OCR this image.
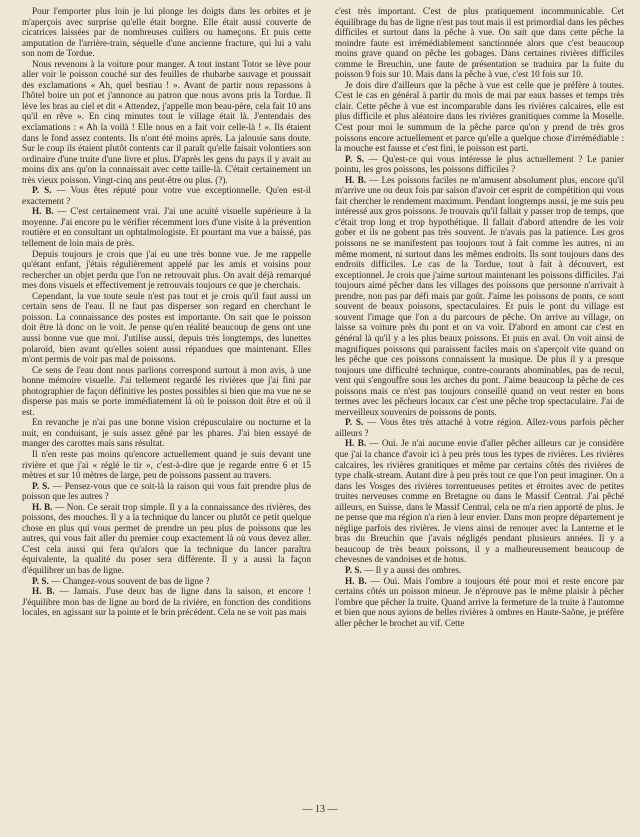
Pour l'emporter plus loin je lui plonge les doigts dans les orbites et je m'aperçois avec surprise qu'elle était borgne. Elle était aussi couverte de cicatrices laissées par de nombreuses cuillers ou hameçons. Et puis cette amputation de l'arrière-train, séquelle d'une ancienne fracture, qui lui a valu son nom de Tordue.

Nous revenons à la voiture pour manger. A tout instant Totor se lève pour aller voir le poisson couché sur des feuilles de rhubarbe sauvage et poussait des exclamations « Ah, quel bestiau ! ». Avant de partir nous repassons à l'hôtel boire un pot et j'annonce au patron que nous avons pris la Tordue. Il lève les bras au ciel et dit « Attendez, j'appelle mon beau-père, cela fait 10 ans qu'il en rêve ». En cinq minutes tout le village était là. J'entendais des exclamations : « Ah la voilà ! Elle nous en a fait voir celle-là ! ». Ils étaient dans le fond assez contents. Ils n'ont été moins après. La jalousie sans doute. Sur le coup ils étaient plutôt contents car il paraît qu'elle faisait volontiers son ordinaire d'une truite d'une livre et plus. D'après les gens du pays il y avait au moins dix ans qu'on la connaissait avec cette taille-là. C'était certainement un très vieux poisson. Vingt-cinq ans peut-être ou plus. (?).

P. S. — Vous êtes réputé pour votre vue exceptionnelle. Qu'en est-il exactement ?

H. B. — C'est certainement vrai. J'ai une acuité visuelle supérieure à la moyenne. J'ai encore pu le vérifier récemment lors d'une visite à la prévention routière et en consultant un ophtalmologiste. Et pourtant ma vue a baissé, pas tellement de loin mais de près.

Depuis toujours je crois que j'ai eu une très bonne vue. Je me rappelle qu'étant enfant, j'étais régulièrement appelé par les amis et voisins pour rechercher un objet perdu que l'on ne retrouvait plus. On avait déjà remarqué mes dons visuels et effectivement je retrouvais toujours ce que je cherchais.

Cependant, la vue toute seule n'est pas tout et je crois qu'il faut aussi un certain sens de l'eau. Il ne faut pas disperser son regard en cherchant le poisson. La connaissance des postes est importante. On sait que le poisson doit être là donc on le voit. Je pense qu'en réalité beaucoup de gens ont une aussi bonne vue que moi. J'utilise aussi, depuis très longtemps, des lunettes polaroïd, bien avant qu'elles soient aussi répandues que maintenant. Elles m'ont permis de voir pas mal de poissons.

Ce sens de l'eau dont nous parlions correspond surtout à mon avis, à une bonne mémoire visuelle. J'ai tellement regardé les rivières que j'ai fini par photographier de façon définitive les postes possibles si bien que ma vue ne se disperse pas mais se porte immédiatement là où le poisson doit être et où il est.

En revanche je n'ai pas une bonne vision crépusculaire ou nocturne et la nuit, en conduisant, je suis assez gêné par les phares. J'ai bien essayé de manger des carottes mais sans résultat.

Il n'en reste pas moins qu'encore actuellement quand je suis devant une rivière et que j'ai « réglé le tir », c'est-à-dire que je regarde entre 6 et 15 mètres et sur 10 mètres de large, peu de poissons passent au travers.

P. S. — Pensez-vous que ce soit-là la raison qui vous fait prendre plus de poisson que les autres ?

H. B. — Non. Ce serait trop simple. Il y a la connaissance des rivières, des poissons, des mouches. Il y a la technique du lancer ou plutôt ce petit quelque chose en plus qui vous permet de prendre un peu plus de poissons que les autres, qui vous fait aller du premier coup exactement là où vous devez aller. C'est cela aussi qui fera qu'alors que la technique du lancer paraîtra équivalente, la qualité du poser sera différente. Il y a aussi la façon d'équilibrer un bas de ligne.

P. S. — Changez-vous souvent de bas de ligne ?

H. B. — Jamais. J'use deux bas de ligne dans la saison, et encore ! J'équilibre mon bas de ligne au bord de la rivière, en fonction des conditions locales, en agissant sur la pointe et le brin précédent. Cela ne se voit pas mais

c'est très important. C'est de plus pratiquement incommunicable. Cet équilibrage du bas de ligne n'est pas tout mais il est primordial dans les pêches difficiles et surtout dans la pêche à vue. On sait que dans cette pêche la moindre faute est irrémédiablement sanctionnée alors que c'est beaucoup moins grave quand on pêche les gobages. Dans certaines rivières difficiles comme le Breuchin, une faute de présentation se traduira par la fuite du poisson 9 fois sur 10. Mais dans la pêche à vue, c'est 10 fois sur 10.

Je dois dire d'ailleurs que la pêche à vue est celle que je préfère à toutes. C'est le cas en général à partir du mois de mai par eaux basses et temps très clair. Cette pêche à vue est incomparable dans les rivières calcaires, elle est plus difficile et plus aléatoire dans les rivières granitiques comme la Moselle. C'est pour moi le summum de la pêche parce qu'on y prend de très gros poissons encore actuellement et parce qu'elle a quelque chose d'irrémédiable : la mouche est fausse et c'est fini, le poisson est parti.

P. S. — Qu'est-ce qui vous intéresse le plus actuellement ? Le panier pointu, les gros poissons, les poissons difficiles ?

H. B. — Les poissons faciles ne m'amusent absolument plus, encore qu'il m'arrive une ou deux fois par saison d'avoir cet esprit de compétition qui vous fait chercher le rendement maximum. Pendant longtemps aussi, je me suis peu intéressé aux gros poissons. Je trouvais qu'il fallait y passer trop de temps, que c'était trop long et trop hypothétique. Il fallait d'abord attendre de les voir gober et ils ne gobent pas très souvent. Je n'avais pas la patience. Les gros poissons ne se manifestent pas toujours tout à fait comme les autres, ni au même moment, ni surtout dans les mêmes endroits. Ils sont toujours dans des endroits difficiles. Le cas de la Tordue, tout à fait à découvert, est exceptionnel. Je crois que j'aime surtout maintenant les poissons difficiles. J'ai toujours aimé pêcher dans les villages des poissons que personne n'arrivait à prendre, non pas par défi mais par goût. J'aime les poissons de ponts, ce sont souvent de beaux poissons, spectaculaires. Et puis le pont du village est souvent l'image que l'on a du parcours de pêche. On arrive au village, on laisse sa voiture près du pont et on va voir. D'abord en amont car c'est en général là qu'il y a les plus beaux poissons. Et puis en aval. On voit ainsi de magnifiques poissons qui paraissent faciles mais on s'aperçoit vite quand on les pêche que ces poissons connaissent la musique. De plus il y a presque toujours une difficulté technique, contre-courants abominables, pas de recul, vent qui s'engouffre sous les arches du pont. J'aime beaucoup la pêche de ces poissons mais ce n'est pas toujours conseillé quand on veut rester en bons termes avec les pêcheurs locaux car c'est une pêche trop spectaculaire. J'ai de merveilleux souvenirs de poissons de ponts.

P. S. — Vous êtes très attaché à votre région. Allez-vous parfois pêcher ailleurs ?

H. B. — Oui. Je n'ai aucune envie d'aller pêcher ailleurs car je considère que j'ai la chance d'avoir ici à peu près tous les types de rivières. Les rivières calcaires, les rivières granitiques et même par certains côtés des rivières de type chalk-stream. Autant dire à peu près tout ce que l'on peut imaginer. On a dans les Vosges des rivières torrentueuses petites et étroites avec de petites truites nerveuses comme en Bretagne ou dans le Massif Central. J'ai pêché ailleurs, en Suisse, dans le Massif Central, cela ne m'a rien apporté de plus. Je ne pense que ma région n'a rien à leur envier. Dans mon propre département je néglige parfois des rivières. Je viens ainsi de renouer avec la Lanterne et le bras du Breuchin que j'avais négligés pendant plusieurs années. Il y a beaucoup de très beaux poissons, il y a malheureusement beaucoup de chevesnes de vandoises et de hotus.

P. S. — Il y a aussi des ombres.

H. B. — Oui. Mais l'ombre a toujours été pour moi et reste encore par certains côtés un poisson mineur. Je n'éprouve pas le même plaisir à pêcher l'ombre que pêcher la truite. Quand arrive la fermeture de la truite à l'automne et bien que nous ayions de belles rivières à ombres en Haute-Saône, je préfère aller pêcher le brochet au vif. Cette

— 13 —
